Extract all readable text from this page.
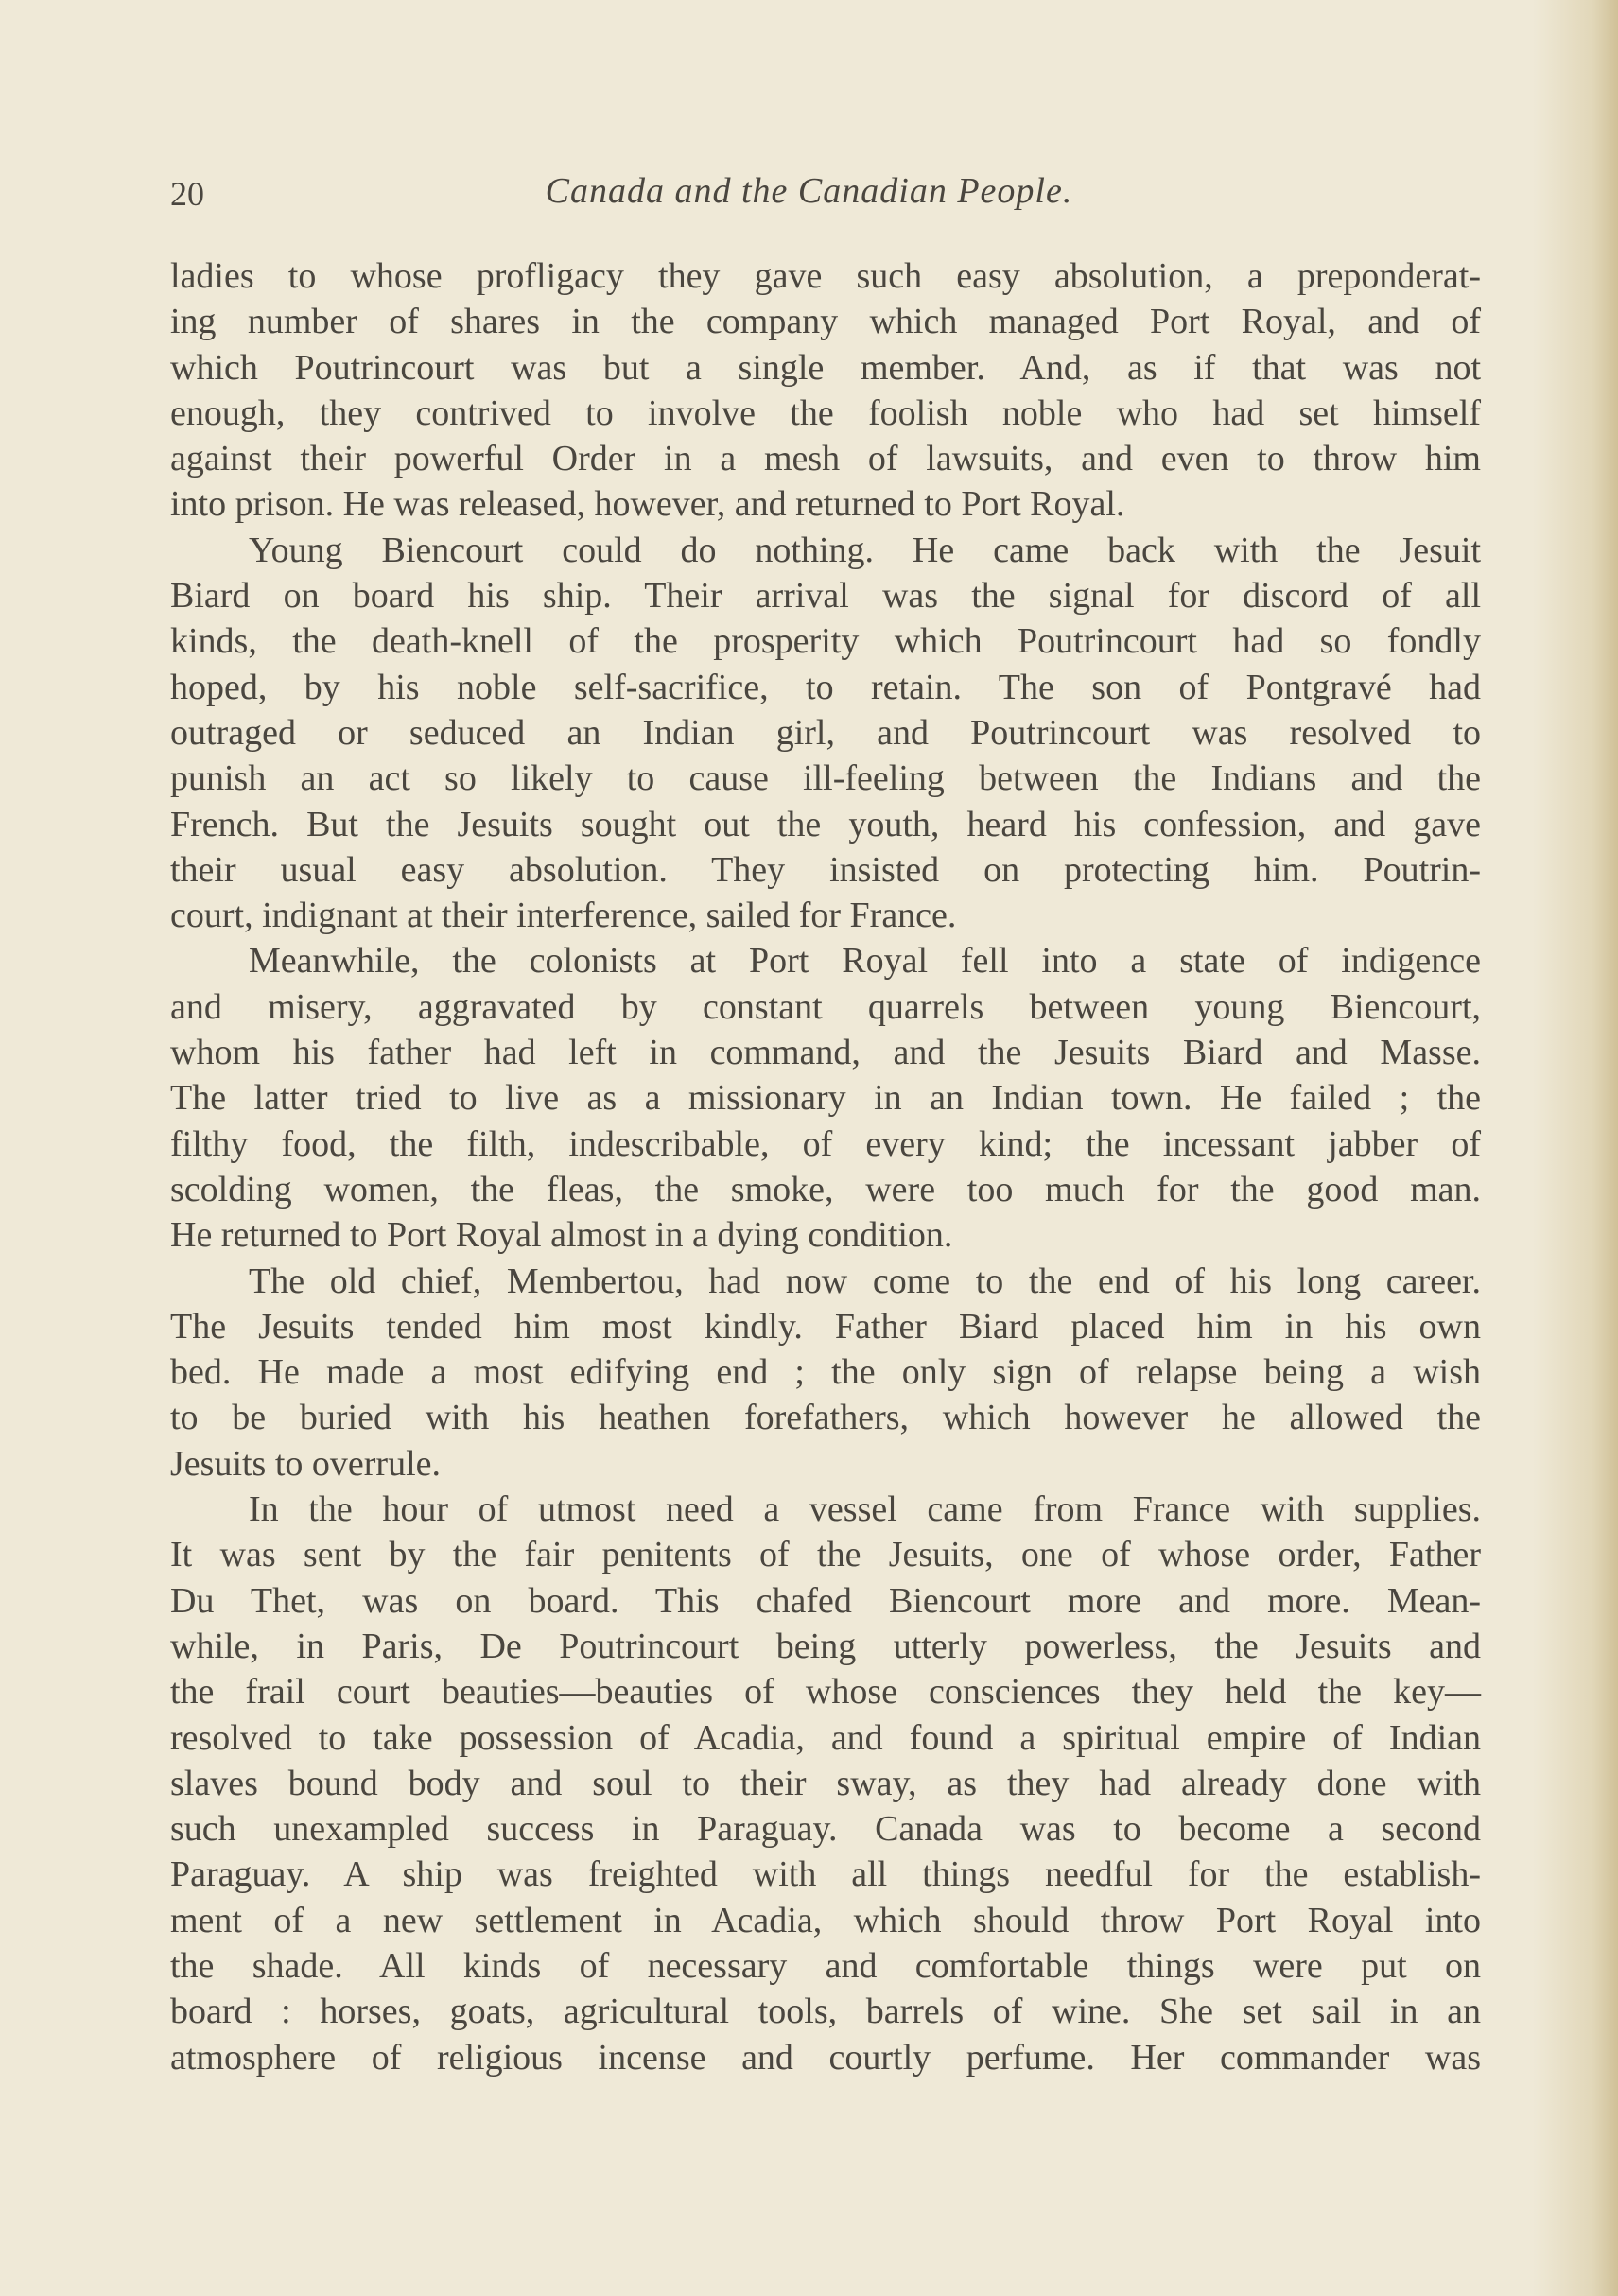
20	Canada and the Canadian People.
ladies to whose profligacy they gave such easy absolution, a preponderat-
ing number of shares in the company which managed Port Royal, and of
which Poutrincourt was but a single member. And, as if that was not
enough, they contrived to involve the foolish noble who had set himself
against their powerful Order in a mesh of lawsuits, and even to throw him
into prison. He was released, however, and returned to Port Royal.
Young Biencourt could do nothing. He came back with the Jesuit
Biard on board his ship. Their arrival was the signal for discord of all
kinds, the death-knell of the prosperity which Poutrincourt had so fondly
hoped, by his noble self-sacrifice, to retain. The son of Pontgravé had
outraged or seduced an Indian girl, and Poutrincourt was resolved to
punish an act so likely to cause ill-feeling between the Indians and the
French. But the Jesuits sought out the youth, heard his confession, and gave
their usual easy absolution. They insisted on protecting him. Poutrin-
court, indignant at their interference, sailed for France.
Meanwhile, the colonists at Port Royal fell into a state of indigence
and misery, aggravated by constant quarrels between young Biencourt,
whom his father had left in command, and the Jesuits Biard and Masse.
The latter tried to live as a missionary in an Indian town. He failed ; the
filthy food, the filth, indescribable, of every kind; the incessant jabber of
scolding women, the fleas, the smoke, were too much for the good man.
He returned to Port Royal almost in a dying condition.
The old chief, Membertou, had now come to the end of his long career.
The Jesuits tended him most kindly. Father Biard placed him in his own
bed. He made a most edifying end ; the only sign of relapse being a wish
to be buried with his heathen forefathers, which however he allowed the
Jesuits to overrule.
In the hour of utmost need a vessel came from France with supplies.
It was sent by the fair penitents of the Jesuits, one of whose order, Father
Du Thet, was on board. This chafed Biencourt more and more. Mean-
while, in Paris, De Poutrincourt being utterly powerless, the Jesuits and
the frail court beauties—beauties of whose consciences they held the key—
resolved to take possession of Acadia, and found a spiritual empire of Indian
slaves bound body and soul to their sway, as they had already done with
such unexampled success in Paraguay. Canada was to become a second
Paraguay. A ship was freighted with all things needful for the establish-
ment of a new settlement in Acadia, which should throw Port Royal into
the shade. All kinds of necessary and comfortable things were put on
board : horses, goats, agricultural tools, barrels of wine. She set sail in an
atmosphere of religious incense and courtly perfume. Her commander was
